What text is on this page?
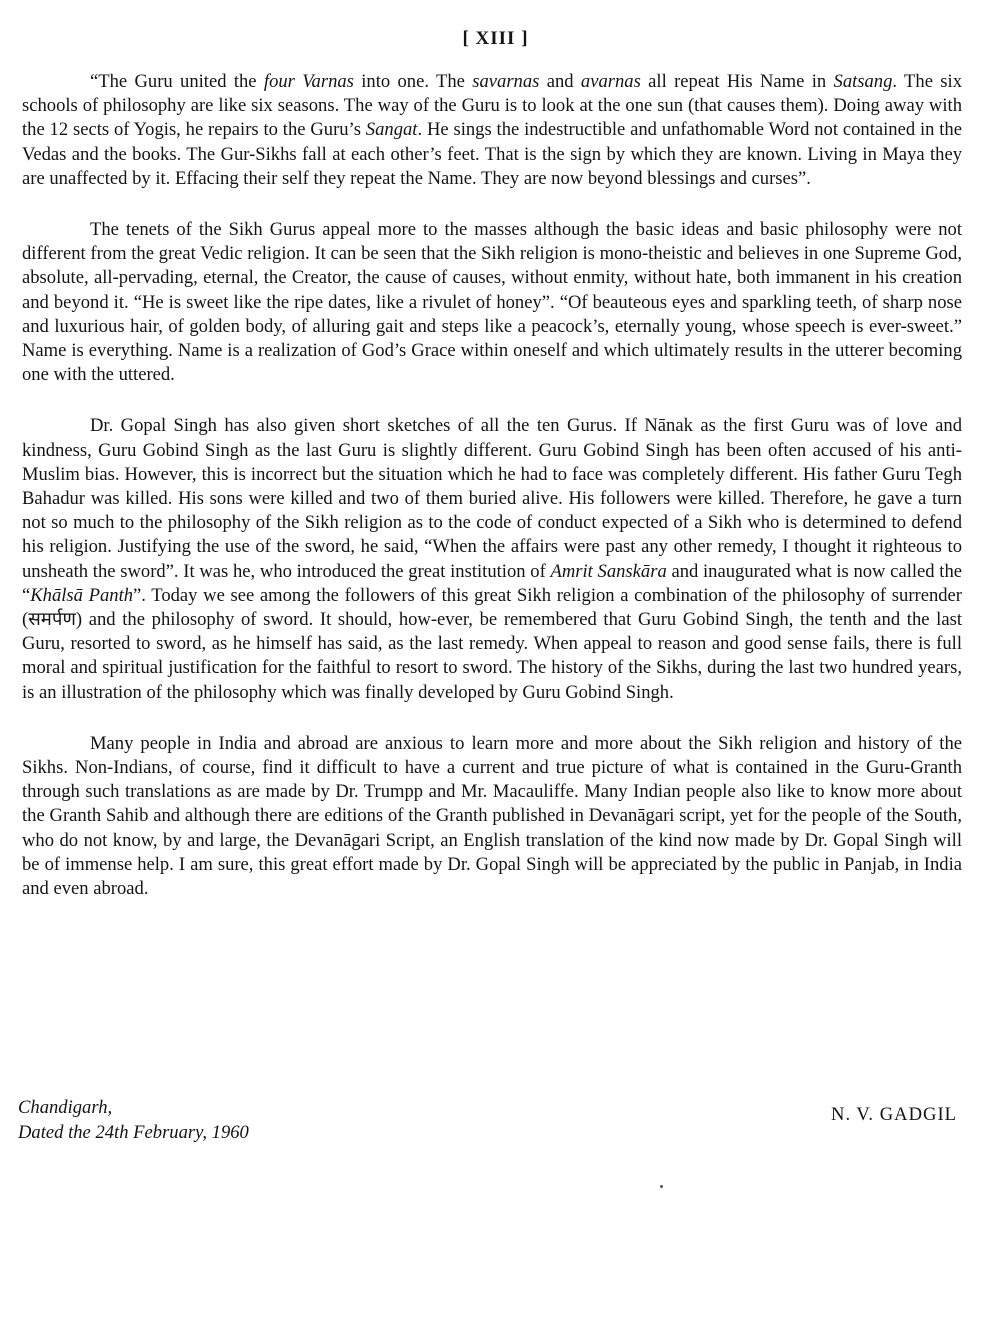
[ XIII ]

“The Guru united the four Varnas into one. The savarnas and avarnas all repeat His Name in Satsang. The six schools of philosophy are like six seasons. The way of the Guru is to look at the one sun (that causes them). Doing away with the 12 sects of Yogis, he repairs to the Guru’s Sangat. He sings the indestructible and unfathomable Word not contained in the Vedas and the books. The Gur-Sikhs fall at each other’s feet. That is the sign by which they are known. Living in Maya they are unaffected by it. Effacing their self they repeat the Name. They are now beyond blessings and curses”.

The tenets of the Sikh Gurus appeal more to the masses although the basic ideas and basic philosophy were not different from the great Vedic religion. It can be seen that the Sikh religion is mono-theistic and believes in one Supreme God, absolute, all-pervading, eternal, the Creator, the cause of causes, without enmity, without hate, both immanent in his creation and beyond it. “He is sweet like the ripe dates, like a rivulet of honey”. “Of beauteous eyes and sparkling teeth, of sharp nose and luxurious hair, of golden body, of alluring gait and steps like a peacock’s, eternally young, whose speech is ever-sweet.” Name is everything. Name is a realization of God’s Grace within oneself and which ultimately results in the utterer becoming one with the uttered.

Dr. Gopal Singh has also given short sketches of all the ten Gurus. If Nānak as the first Guru was of love and kindness, Guru Gobind Singh as the last Guru is slightly different. Guru Gobind Singh has been often accused of his anti-Muslim bias. However, this is incorrect but the situation which he had to face was completely different. His father Guru Tegh Bahadur was killed. His sons were killed and two of them buried alive. His followers were killed. Therefore, he gave a turn not so much to the philosophy of the Sikh religion as to the code of conduct expected of a Sikh who is determined to defend his religion. Justifying the use of the sword, he said, “When the affairs were past any other remedy, I thought it righteous to unsheath the sword”. It was he, who introduced the great institution of Amrit Sanskāra and inaugurated what is now called the “Khālsā Panth”. Today we see among the followers of this great Sikh religion a combination of the philosophy of surrender (समर्पण) and the philosophy of sword. It should, how-ever, be remembered that Guru Gobind Singh, the tenth and the last Guru, resorted to sword, as he himself has said, as the last remedy. When appeal to reason and good sense fails, there is full moral and spiritual justification for the faithful to resort to sword. The history of the Sikhs, during the last two hundred years, is an illustration of the philosophy which was finally developed by Guru Gobind Singh.

Many people in India and abroad are anxious to learn more and more about the Sikh religion and history of the Sikhs. Non-Indians, of course, find it difficult to have a current and true picture of what is contained in the Guru-Granth through such translations as are made by Dr. Trumpp and Mr. Macauliffe. Many Indian people also like to know more about the Granth Sahib and although there are editions of the Granth published in Devanāgari script, yet for the people of the South, who do not know, by and large, the Devanāgari Script, an English translation of the kind now made by Dr. Gopal Singh will be of immense help. I am sure, this great effort made by Dr. Gopal Singh will be appreciated by the public in Panjab, in India and even abroad.

Chandigarh,
Dated the 24th February, 1960
N. V. GADGIL
